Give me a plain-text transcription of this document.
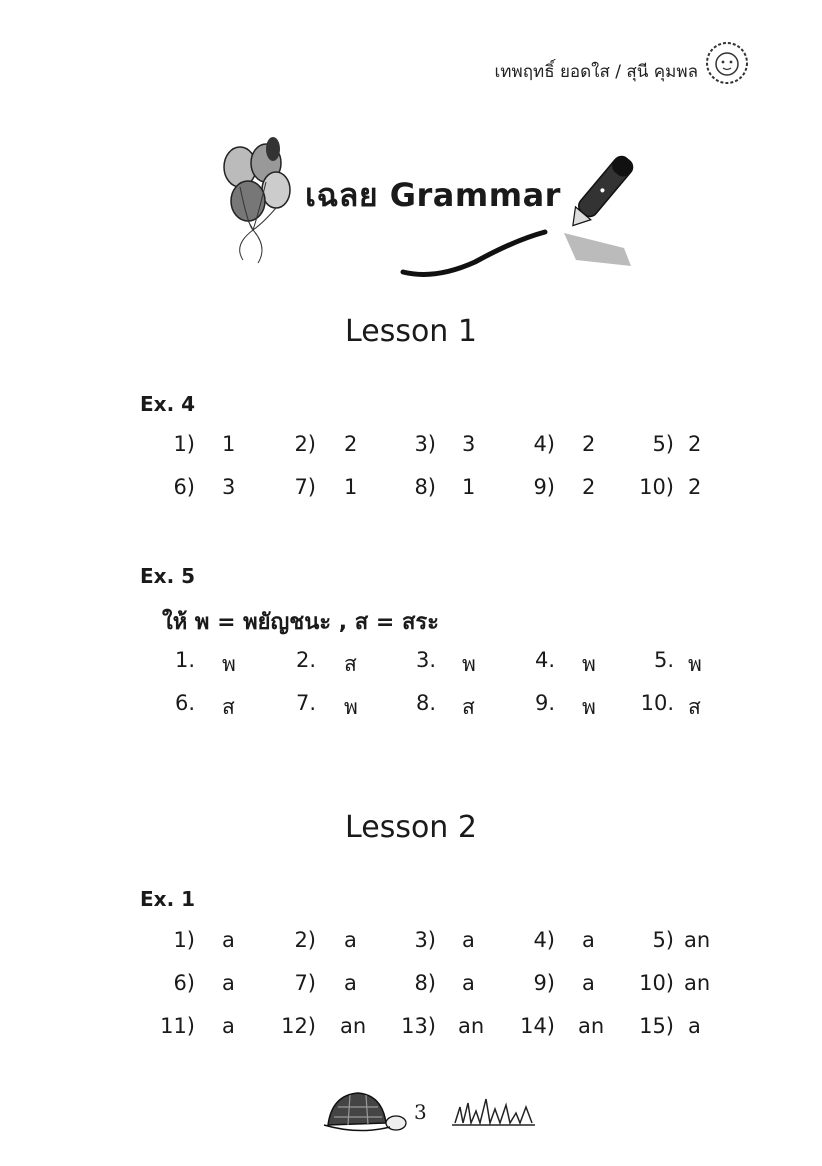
เทพฤทธิ์ ยอดใส / สุนี คุมพล
เฉลย Grammar
Lesson 1
Ex. 4
1) 1	2) 2	3) 3	4) 2	5) 2
6) 3	7) 1	8) 1	9) 2	10) 2
Ex. 5
ให้ พ = พยัญชนะ , ส = สระ
1. พ	2. ส	3. พ	4. พ	5. พ
6. ส	7. พ	8. ส	9. พ	10. ส
Lesson 2
Ex. 1
1) a	2) a	3) a	4) a	5) an
6) a	7) a	8) a	9) a	10) an
11) a	12) an	13) an	14) an	15) a
3
